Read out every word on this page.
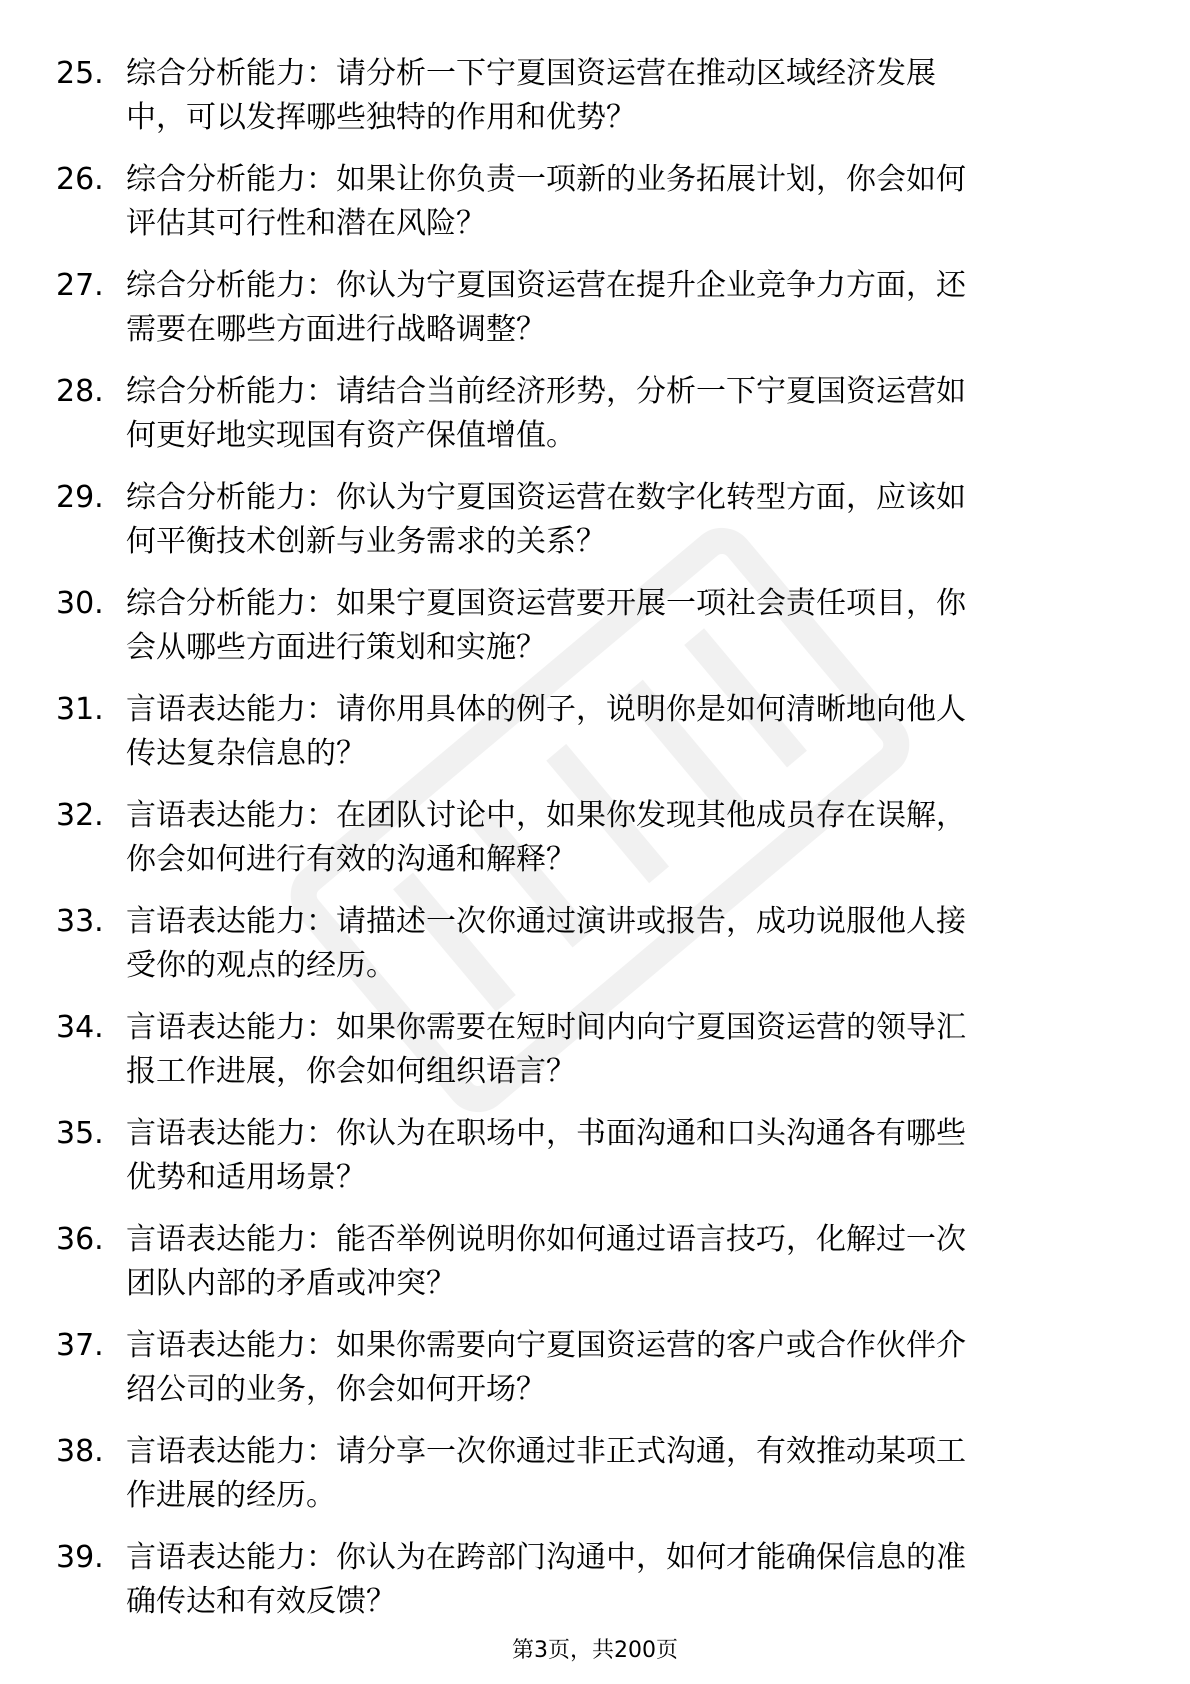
25. 综合分析能力：请分析一下宁夏国资运营在推动区域经济发展
中，可以发挥哪些独特的作用和优势？
26. 综合分析能力：如果让你负责一项新的业务拓展计划，你会如何
评估其可行性和潜在风险？
27. 综合分析能力：你认为宁夏国资运营在提升企业竞争力方面，还
需要在哪些方面进行战略调整？
28. 综合分析能力：请结合当前经济形势，分析一下宁夏国资运营如
何更好地实现国有资产保值增值。
29. 综合分析能力：你认为宁夏国资运营在数字化转型方面，应该如
何平衡技术创新与业务需求的关系？
30. 综合分析能力：如果宁夏国资运营要开展一项社会责任项目，你
会从哪些方面进行策划和实施？
31. 言语表达能力：请你用具体的例子，说明你是如何清晰地向他人
传达复杂信息的？
32. 言语表达能力：在团队讨论中，如果你发现其他成员存在误解，
你会如何进行有效的沟通和解释？
33. 言语表达能力：请描述一次你通过演讲或报告，成功说服他人接
受你的观点的经历。
34. 言语表达能力：如果你需要在短时间内向宁夏国资运营的领导汇
报工作进展，你会如何组织语言？
35. 言语表达能力：你认为在职场中，书面沟通和口头沟通各有哪些
优势和适用场景？
36. 言语表达能力：能否举例说明你如何通过语言技巧，化解过一次
团队内部的矛盾或冲突？
37. 言语表达能力：如果你需要向宁夏国资运营的客户或合作伙伴介
绍公司的业务，你会如何开场？
38. 言语表达能力：请分享一次你通过非正式沟通，有效推动某项工
作进展的经历。
39. 言语表达能力：你认为在跨部门沟通中，如何才能确保信息的准
确传达和有效反馈？
第3页，共200页
